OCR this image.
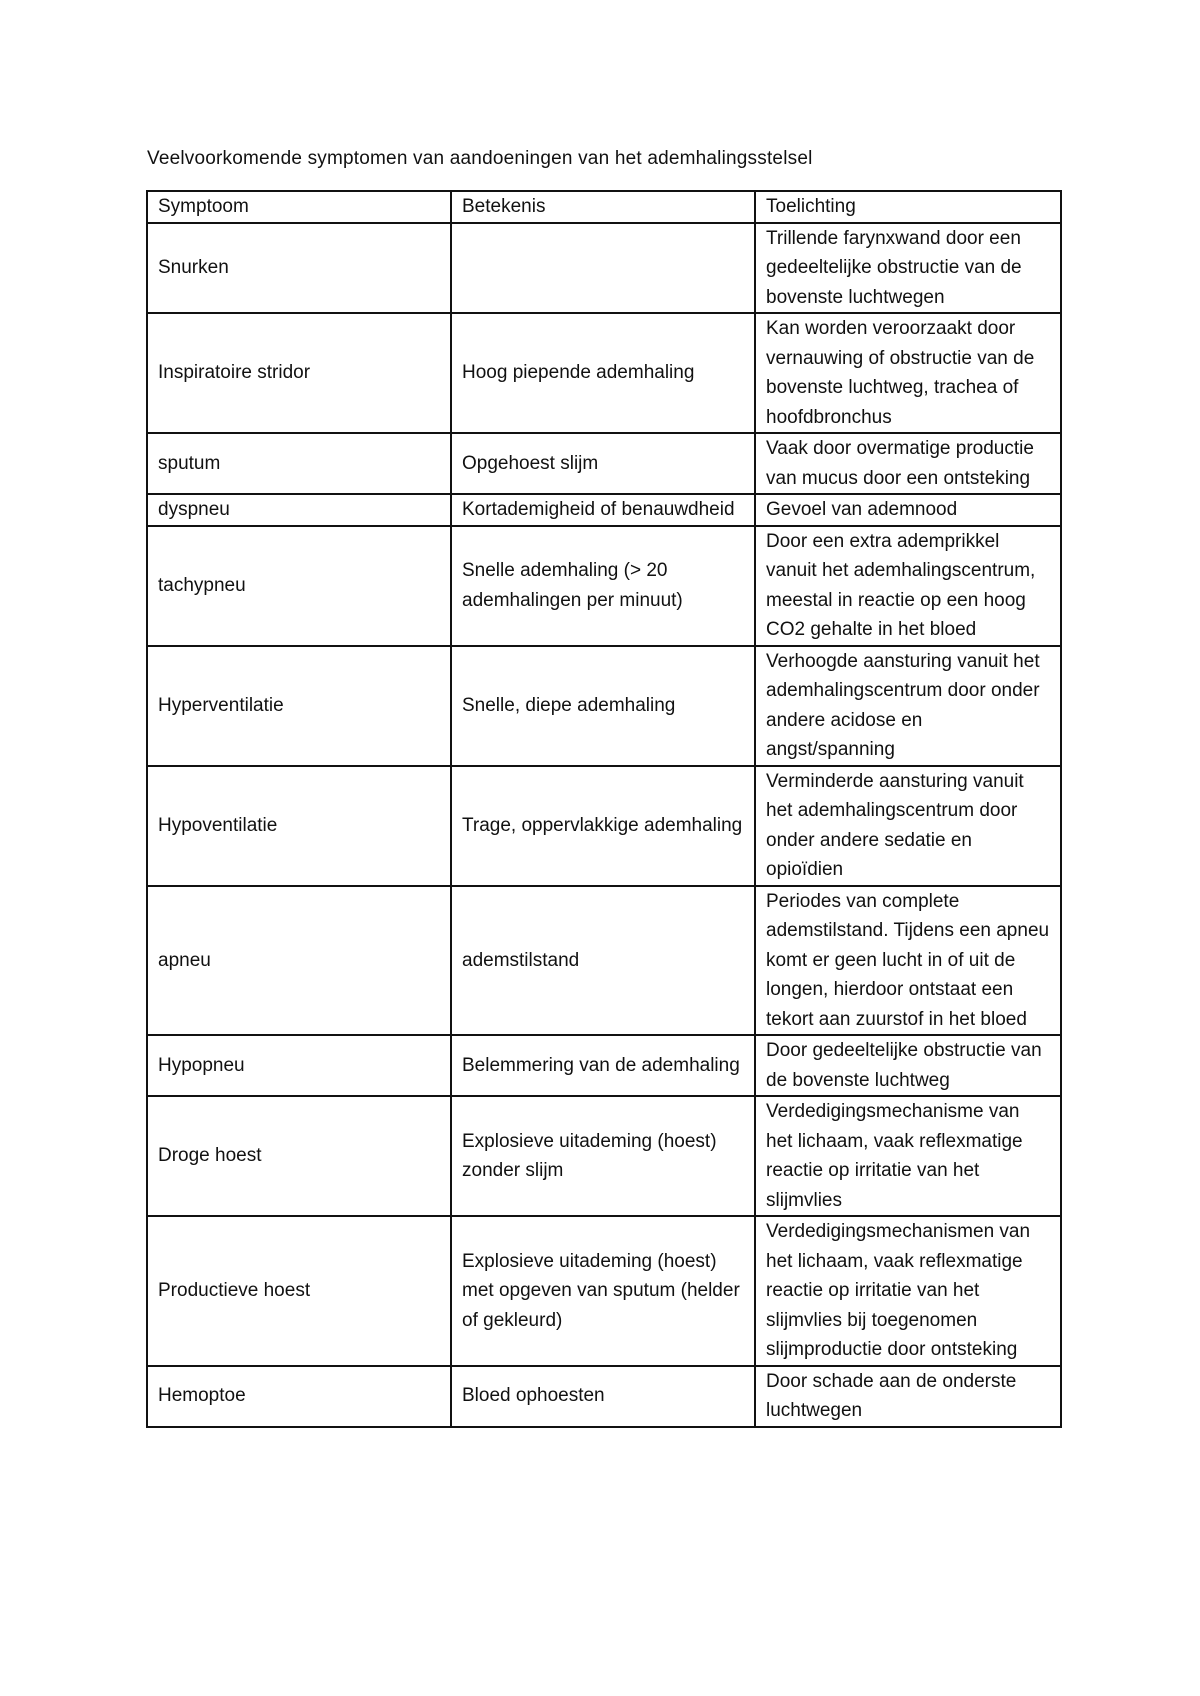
Veelvoorkomende symptomen van aandoeningen van het ademhalingsstelsel
Symptoom	Betekenis	Toelichting
Snurken		Trillende farynxwand door een gedeeltelijke obstructie van de bovenste luchtwegen
Inspiratoire stridor	Hoog piepende ademhaling	Kan worden veroorzaakt door vernauwing of obstructie van de bovenste luchtweg, trachea of hoofdbronchus
sputum	Opgehoest slijm	Vaak door overmatige productie van mucus door een ontsteking
dyspneu	Kortademigheid of benauwdheid	Gevoel van ademnood
tachypneu	Snelle ademhaling (> 20 ademhalingen per minuut)	Door een extra ademprikkel vanuit het ademhalingscentrum, meestal in reactie op een hoog CO2 gehalte in het bloed
Hyperventilatie	Snelle, diepe ademhaling	Verhoogde aansturing vanuit het ademhalingscentrum door onder andere acidose en angst/spanning
Hypoventilatie	Trage, oppervlakkige ademhaling	Verminderde aansturing vanuit het ademhalingscentrum door onder andere sedatie en opioïdien
apneu	ademstilstand	Periodes van complete ademstilstand. Tijdens een apneu komt er geen lucht in of uit de longen, hierdoor ontstaat een tekort aan zuurstof in het bloed
Hypopneu	Belemmering van de ademhaling	Door gedeeltelijke obstructie van de bovenste luchtweg
Droge hoest	Explosieve uitademing (hoest) zonder slijm	Verdedigingsmechanisme van het lichaam, vaak reflexmatige reactie op irritatie van het slijmvlies
Productieve hoest	Explosieve uitademing (hoest) met opgeven van sputum (helder of gekleurd)	Verdedigingsmechanismen van het lichaam, vaak reflexmatige reactie op irritatie van het slijmvlies bij toegenomen slijmproductie door ontsteking
Hemoptoe	Bloed ophoesten	Door schade aan de onderste luchtwegen
